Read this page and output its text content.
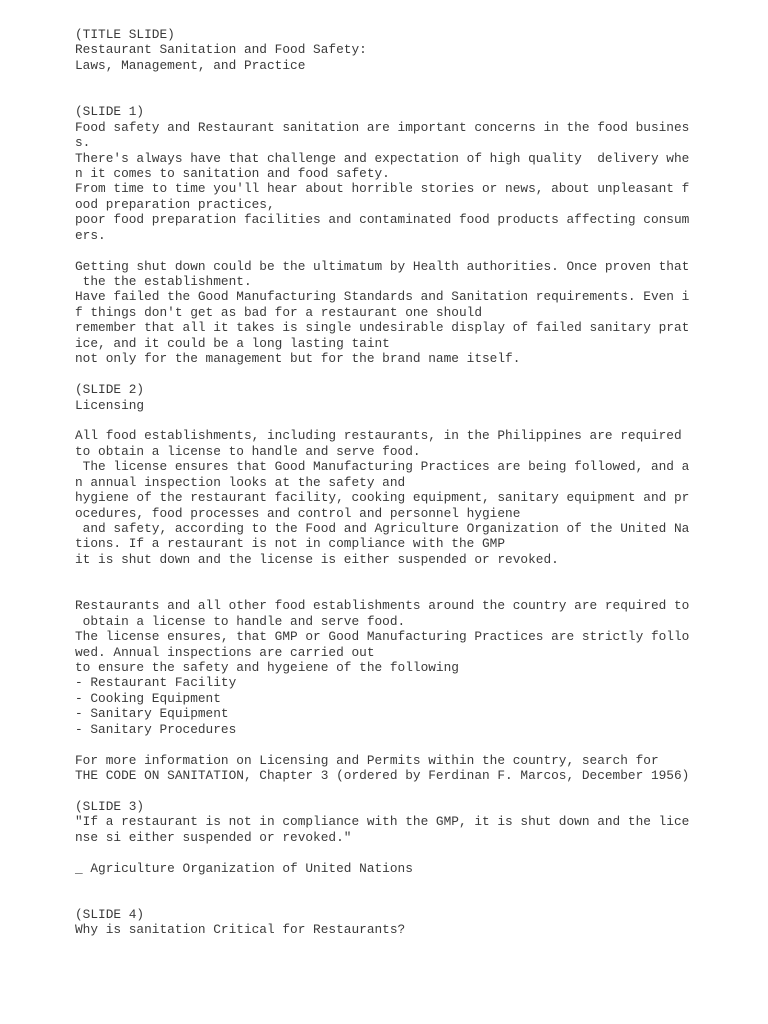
(TITLE SLIDE)
Restaurant Sanitation and Food Safety:
Laws, Management, and Practice
(SLIDE 1)
Food safety and Restaurant sanitation are important concerns in the food busines
s.
There's always have that challenge and expectation of high quality  delivery whe
n it comes to sanitation and food safety.
From time to time you'll hear about horrible stories or news, about unpleasant f
ood preparation practices,
poor food preparation facilities and contaminated food products affecting consum
ers.
Getting shut down could be the ultimatum by Health authorities. Once proven that
the the establishment.
Have failed the Good Manufacturing Standards and Sanitation requirements. Even i
f things don't get as bad for a restaurant one should
remember that all it takes is single undesirable display of failed sanitary prat
ice, and it could be a long lasting taint
not only for the management but for the brand name itself.
(SLIDE 2)
Licensing
All food establishments, including restaurants, in the Philippines are required
to obtain a license to handle and serve food.
The license ensures that Good Manufacturing Practices are being followed, and a
n annual inspection looks at the safety and
hygiene of the restaurant facility, cooking equipment, sanitary equipment and pr
ocedures, food processes and control and personnel hygiene
and safety, according to the Food and Agriculture Organization of the United Na
tions. If a restaurant is not in compliance with the GMP
it is shut down and the license is either suspended or revoked.
Restaurants and all other food establishments around the country are required to
obtain a license to handle and serve food.
The license ensures, that GMP or Good Manufacturing Practices are strictly follo
wed. Annual inspections are carried out
to ensure the safety and hygeiene of the following
- Restaurant Facility
- Cooking Equipment
- Sanitary Equipment
- Sanitary Procedures
For more information on Licensing and Permits within the country, search for
THE CODE ON SANITATION, Chapter 3 (ordered by Ferdinan F. Marcos, December 1956)
(SLIDE 3)
"If a restaurant is not in compliance with the GMP, it is shut down and the lice
nse si either suspended or revoked."
_ Agriculture Organization of United Nations
(SLIDE 4)
Why is sanitation Critical for Restaurants?
